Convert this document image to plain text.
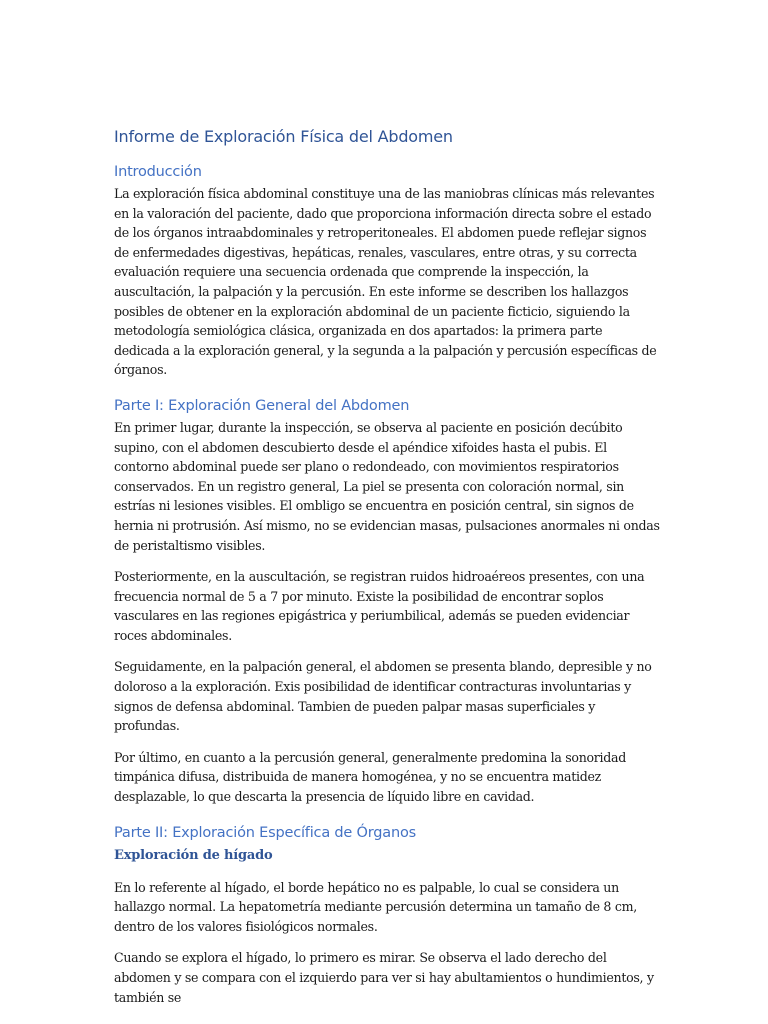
Informe de Exploración Física del Abdomen
Introducción

La exploración física abdominal constituye una de las maniobras clínicas más relevantes en la valoración del paciente, dado que proporciona información directa sobre el estado de los órganos intraabdominales y retroperitoneales. El abdomen puede reflejar signos de enfermedades digestivas, hepáticas, renales, vasculares, entre otras, y su correcta evaluación requiere una secuencia ordenada que comprende la inspección, la auscultación, la palpación y la percusión. En este informe se describen los hallazgos posibles de obtener en la exploración abdominal de un paciente ficticio, siguiendo la metodología semiológica clásica, organizada en dos apartados: la primera parte dedicada a la exploración general, y la segunda a la palpación y percusión específicas de órganos.

Parte I: Exploración General del Abdomen

En primer lugar, durante la inspección, se observa al paciente en posición decúbito supino, con el abdomen descubierto desde el apéndice xifoides hasta el pubis. El contorno abdominal puede ser plano o redondeado, con movimientos respiratorios conservados. En un registro general, La piel se presenta con coloración normal, sin estrías ni lesiones visibles. El ombligo se encuentra en posición central, sin signos de hernia ni protrusión. Así mismo, no se evidencian masas, pulsaciones anormales ni ondas de peristaltismo visibles.

Posteriormente, en la auscultación, se registran ruidos hidroaéreos presentes, con una frecuencia normal de 5 a 7 por minuto. Existe la posibilidad de encontrar soplos vasculares en las regiones epigástrica y periumbilical, además se pueden evidenciar roces abdominales.

Seguidamente, en la palpación general, el abdomen se presenta blando, depresible y no doloroso a la exploración. Exis posibilidad de identificar contracturas involuntarias y signos de defensa abdominal. Tambien de pueden palpar masas superficiales y profundas.

Por último, en cuanto a la percusión general, generalmente predomina la sonoridad timpánica difusa, distribuida de manera homogénea, y no se encuentra matidez desplazable, lo que descarta la presencia de líquido libre en cavidad.

Parte II: Exploración Específica de Órganos
Exploración de hígado

En lo referente al hígado, el borde hepático no es palpable, lo cual se considera un hallazgo normal. La hepatometría mediante percusión determina un tamaño de 8 cm, dentro de los valores fisiológicos normales.

Cuando se explora el hígado, lo primero es mirar. Se observa el lado derecho del abdomen y se compara con el izquierdo para ver si hay abultamientos o hundimientos, y también se
